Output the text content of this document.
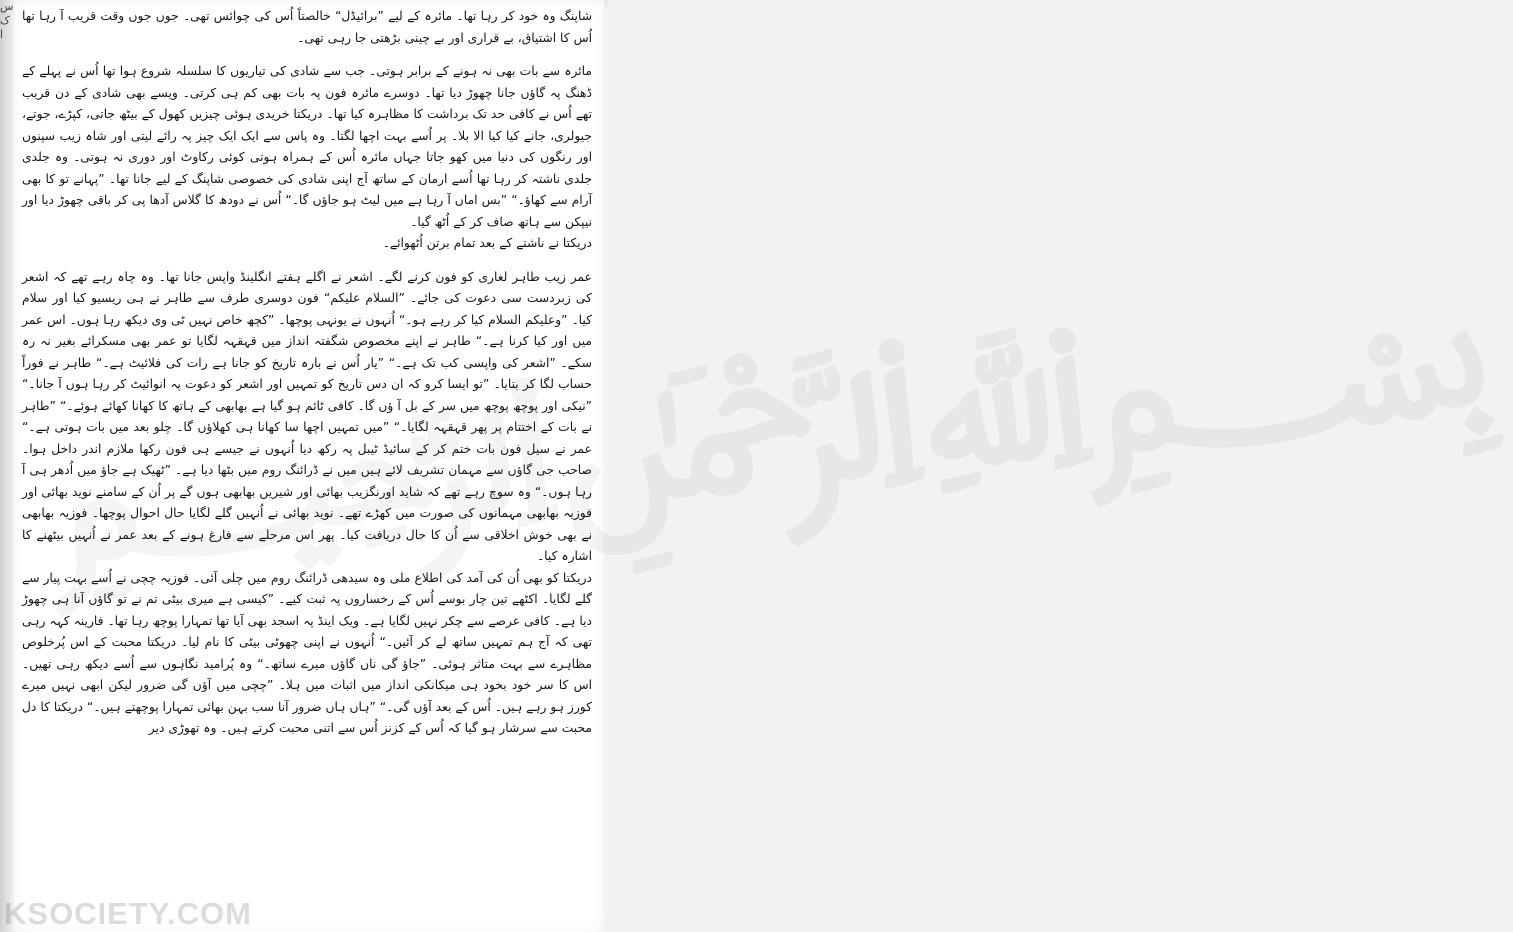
س
ک
ا

شاپنگ وہ خود کر رہا تھا۔ مائرہ کے لیے ”برائیڈل“ خالصتاً اُس کی چوائس تھی۔ جوں جوں وقت قریب آ رہا تھا اُس کا اشتیاق، بے قراری اور بے چینی بڑھتی جا رہی تھی۔

مائرہ سے بات بھی نہ ہونے کے برابر ہوتی۔ جب سے شادی کی تیاریوں کا سلسلہ شروع ہوا تھا اُس نے پہلے کے ڈھنگ پہ گاؤں جانا چھوڑ دیا تھا۔ دوسرے مائرہ فون پہ بات بھی کم ہی کرتی۔ ویسے بھی شادی کے دن قریب تھے اُس نے کافی حد تک برداشت کا مظاہرہ کیا تھا۔ دریکتا خریدی ہوئی چیزیں کھول کے بیٹھ جاتی، کپڑے، جوتے، جیولری، جانے کیا کیا الا بلا۔ پر اُسے بہت اچھا لگتا۔ وہ پاس سے ایک ایک چیز پہ رائے لیتی اور شاہ زیب سپنوں اور رنگوں کی دنیا میں کھو جاتا جہاں مائرہ اُس کے ہمراہ ہوتی کوئی رکاوٹ اور دوری نہ ہوتی۔ وہ جلدی جلدی ناشتہ کر رہا تھا اُسے ارمان کے ساتھ آج اپنی شادی کی خصوصی شاپنگ کے لیے جانا تھا۔ ”پہانے تو کا بھی آرام سے کھاؤ۔“ ”بس اماں آ رہا ہے میں لیٹ ہو جاؤں گا۔“ اُس نے دودھ کا گلاس آدھا پی کر باقی چھوڑ دیا اور نیپکن سے ہاتھ صاف کر کے اُٹھ گیا۔

دریکتا نے ناشتے کے بعد تمام برتن اُٹھوائے۔

عمر زیب طاہر لغاری کو فون کرنے لگے۔ اشعر نے اگلے ہفتے انگلینڈ واپس جانا تھا۔ وہ چاہ رہے تھے کہ اشعر کی زبردست سی دعوت کی جائے۔ ”السلام علیکم“ فون دوسری طرف سے طاہر نے ہی ریسیو کیا اور سلام کیا۔ ”وعلیکم السلام کیا کر رہے ہو۔“ اُنہوں نے یونہی پوچھا۔ ”کچھ خاص نہیں ٹی وی دیکھ رہا ہوں۔ اس عمر میں اور کیا کرنا ہے۔“ طاہر نے اپنے مخصوص شگفتہ انداز میں قہقہہ لگایا تو عمر بھی مسکرائے بغیر نہ رہ سکے۔ ”اشعر کی واپسی کب تک ہے۔“ ”یار اُس نے بارہ تاریخ کو جانا ہے رات کی فلائیٹ ہے۔“ طاہر نے فوراً حساب لگا کر بتایا۔ ”تو ایسا کرو کہ ان دس تاریخ کو تمہیں اور اشعر کو دعوت پہ انوائیٹ کر رہا ہوں آ جانا۔“ ”نیکی اور پوچھ پوچھ میں سر کے بل آ ؤں گا۔ کافی ٹائم ہو گیا ہے بھابھی کے ہاتھ کا کھانا کھائے ہوئے۔“ ”طاہر نے بات کے اختتام پر پھر قہقہہ لگایا۔“ ”میں تمہیں اچھا سا کھانا ہی کھلاؤں گا۔ چلو بعد میں بات ہوتی ہے۔“ عمر نے سیل فون بات ختم کر کے سائیڈ ٹیبل پہ رکھ دیا اُنہوں نے جیسے ہی فون رکھا ملازم اندر داخل ہوا۔ صاحب جی گاؤں سے مہمان تشریف لائے ہیں میں نے ڈرائنگ روم میں بٹھا دیا ہے۔ ”ٹھیک ہے جاؤ میں اُدھر ہی آ رہا ہوں۔“ وہ سوچ رہے تھے کہ شاید اورنگزیب بھائی اور شیریں بھابھی ہوں گے پر اُن کے سامنے نوید بھائی اور فوزیہ بھابھی مہمانوں کی صورت میں کھڑے تھے۔ نوید بھائی نے اُنہیں گلے لگایا حال احوال پوچھا۔ فوزیہ بھابھی نے بھی خوش اخلاقی سے اُن کا حال دریافت کیا۔ پھر اس مرحلے سے فارغ ہونے کے بعد عمر نے اُنہیں بیٹھنے کا اشارہ کیا۔

دریکتا کو بھی اُن کی آمد کی اطلاع ملی وہ سیدھی ڈرائنگ روم میں چلی آئی۔ فوزیہ چچی نے اُسے بہت پیار سے گلے لگایا۔ اکٹھے تین چار بوسے اُس کے رخساروں پہ ثبت کیے۔ ”کیسی ہے میری بیٹی تم نے تو گاؤں آنا ہی چھوڑ دیا ہے۔ کافی عرصے سے چکر نہیں لگایا ہے۔ ویک اینڈ پہ اسجد بھی آیا تھا تمہارا پوچھ رہا تھا۔ فارینہ کہہ رہی تھی کہ آج ہم تمہیں ساتھ لے کر آئیں۔“ اُنہوں نے اپنی چھوٹی بیٹی کا نام لیا۔ دریکتا محبت کے اس پُرخلوص مظاہرے سے بہت متاثر ہوئی۔ ”جاؤ گی ناں گاؤں میرے ساتھ۔“ وہ پُرامید نگاہوں سے اُسے دیکھ رہی تھیں۔ اس کا سر خود بخود ہی میکانکی انداز میں اثبات میں ہلا۔ ”چچی میں آؤں گی ضرور لیکن ابھی نہیں میرے کورز ہو رہے ہیں۔ اُس کے بعد آؤں گی۔“ ”ہاں ہاں ضرور آنا سب بہن بھائی تمہارا پوچھتے ہیں۔“ دریکتا کا دل محبت سے سرشار ہو گیا کہ اُس کے کزنز اُس سے اتنی محبت کرتے ہیں۔ وہ تھوڑی دیر

KSOCIETY.COM
